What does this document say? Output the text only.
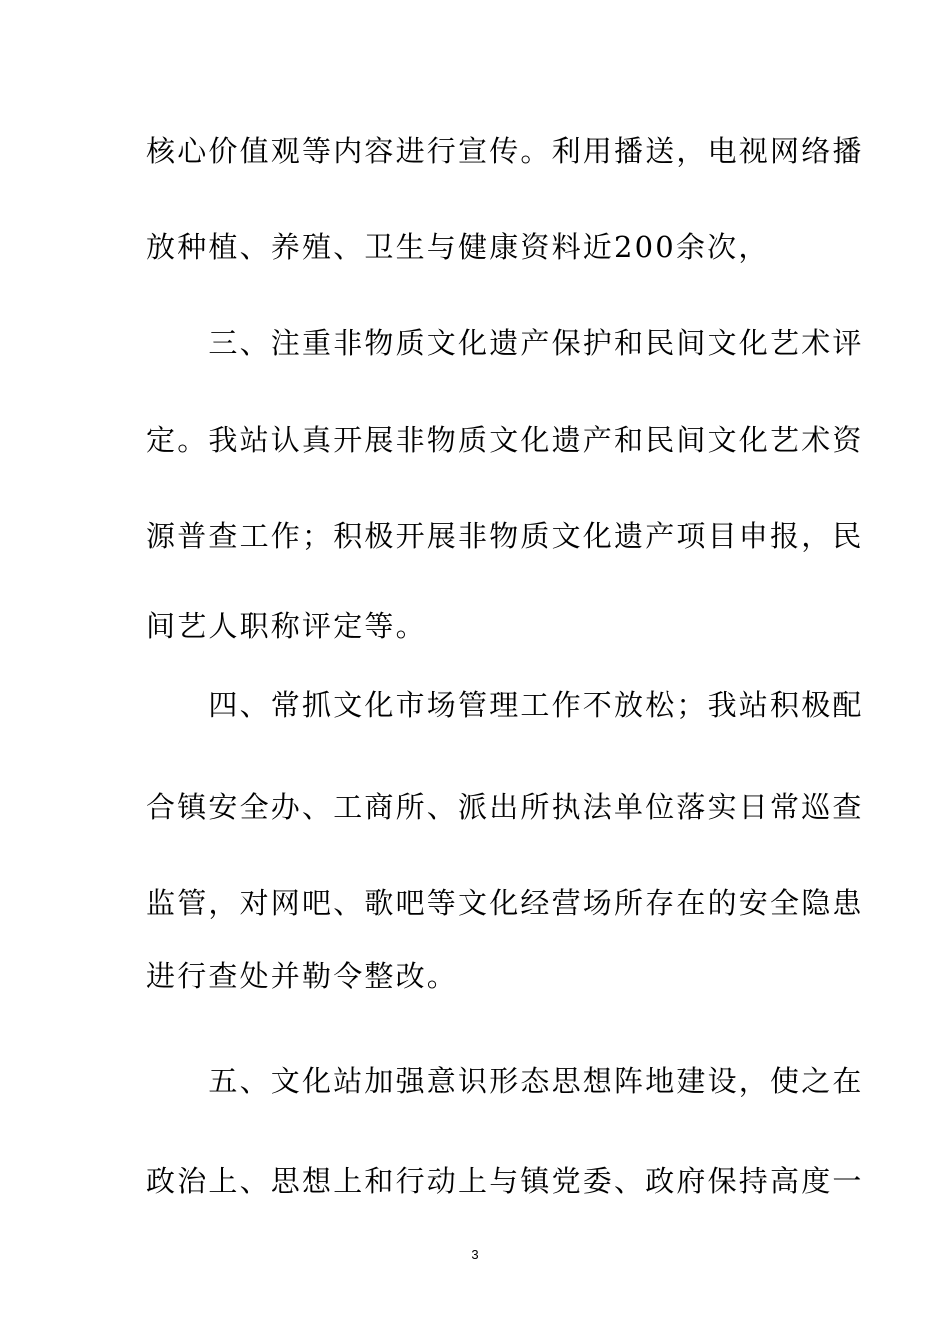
核心价值观等内容进行宣传。利用播送，电视网络播
放种植、养殖、卫生与健康资料近200余次，
　　三、注重非物质文化遗产保护和民间文化艺术评
定。我站认真开展非物质文化遗产和民间文化艺术资
源普查工作；积极开展非物质文化遗产项目申报，民
间艺人职称评定等。
　　四、常抓文化市场管理工作不放松；我站积极配
合镇安全办、工商所、派出所执法单位落实日常巡查
监管，对网吧、歌吧等文化经营场所存在的安全隐患
进行查处并勒令整改。
　　五、文化站加强意识形态思想阵地建设，使之在
政治上、思想上和行动上与镇党委、政府保持高度一
3
